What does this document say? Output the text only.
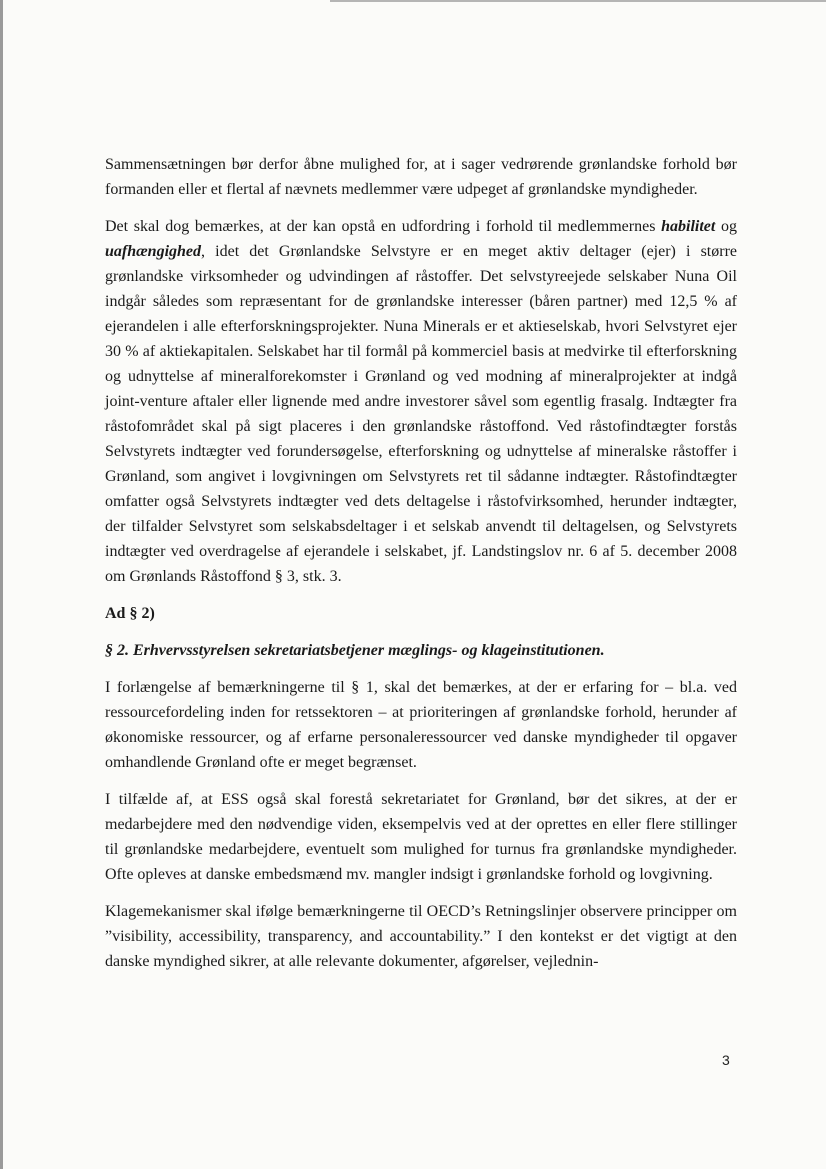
Sammensætningen bør derfor åbne mulighed for, at i sager vedrørende grønlandske forhold bør formanden eller et flertal af nævnets medlemmer være udpeget af grønlandske myndigheder.

Det skal dog bemærkes, at der kan opstå en udfordring i forhold til medlemmernes habilitet og uafhængighed, idet det Grønlandske Selvstyre er en meget aktiv deltager (ejer) i større grønlandske virksomheder og udvindingen af råstoffer. Det selvstyreejede selskaber Nuna Oil indgår således som repræsentant for de grønlandske interesser (båren partner) med 12,5 % af ejerandelen i alle efterforskningsprojekter. Nuna Minerals er et aktieselskab, hvori Selvstyret ejer 30 % af aktiekapitalen. Selskabet har til formål på kommerciel basis at medvirke til efterforskning og udnyttelse af mineralforekomster i Grønland og ved modning af mineralprojekter at indgå joint-venture aftaler eller lignende med andre investorer såvel som egentlig frasalg. Indtægter fra råstofområdet skal på sigt placeres i den grønlandske råstoffond. Ved råstofindtægter forstås Selvstyrets indtægter ved forundersøgelse, efterforskning og udnyttelse af mineralske råstoffer i Grønland, som angivet i lovgivningen om Selvstyrets ret til sådanne indtægter. Råstofindtægter omfatter også Selvstyrets indtægter ved dets deltagelse i råstofvirksomhed, herunder indtægter, der tilfalder Selvstyret som selskabsdeltager i et selskab anvendt til deltagelsen, og Selvstyrets indtægter ved overdragelse af ejerandele i selskabet, jf. Landstingslov nr. 6 af 5. december 2008 om Grønlands Råstoffond § 3, stk. 3.

Ad § 2)

§ 2. Erhvervsstyrelsen sekretariatsbetjener mæglings- og klageinstitutionen.

I forlængelse af bemærkningerne til § 1, skal det bemærkes, at der er erfaring for – bl.a. ved ressourcefordeling inden for retssektoren – at prioriteringen af grønlandske forhold, herunder af økonomiske ressourcer, og af erfarne personaleressourcer ved danske myndigheder til opgaver omhandlende Grønland ofte er meget begrænset.

I tilfælde af, at ESS også skal forestå sekretariatet for Grønland, bør det sikres, at der er medarbejdere med den nødvendige viden, eksempelvis ved at der oprettes en eller flere stillinger til grønlandske medarbejdere, eventuelt som mulighed for turnus fra grønlandske myndigheder. Ofte opleves at danske embedsmænd mv. mangler indsigt i grønlandske forhold og lovgivning.

Klagemekanismer skal ifølge bemærkningerne til OECD’s Retningslinjer observere principper om ”visibility, accessibility, transparency, and accountability.” I den kontekst er det vigtigt at den danske myndighed sikrer, at alle relevante dokumenter, afgørelser, vejlednin-

3
